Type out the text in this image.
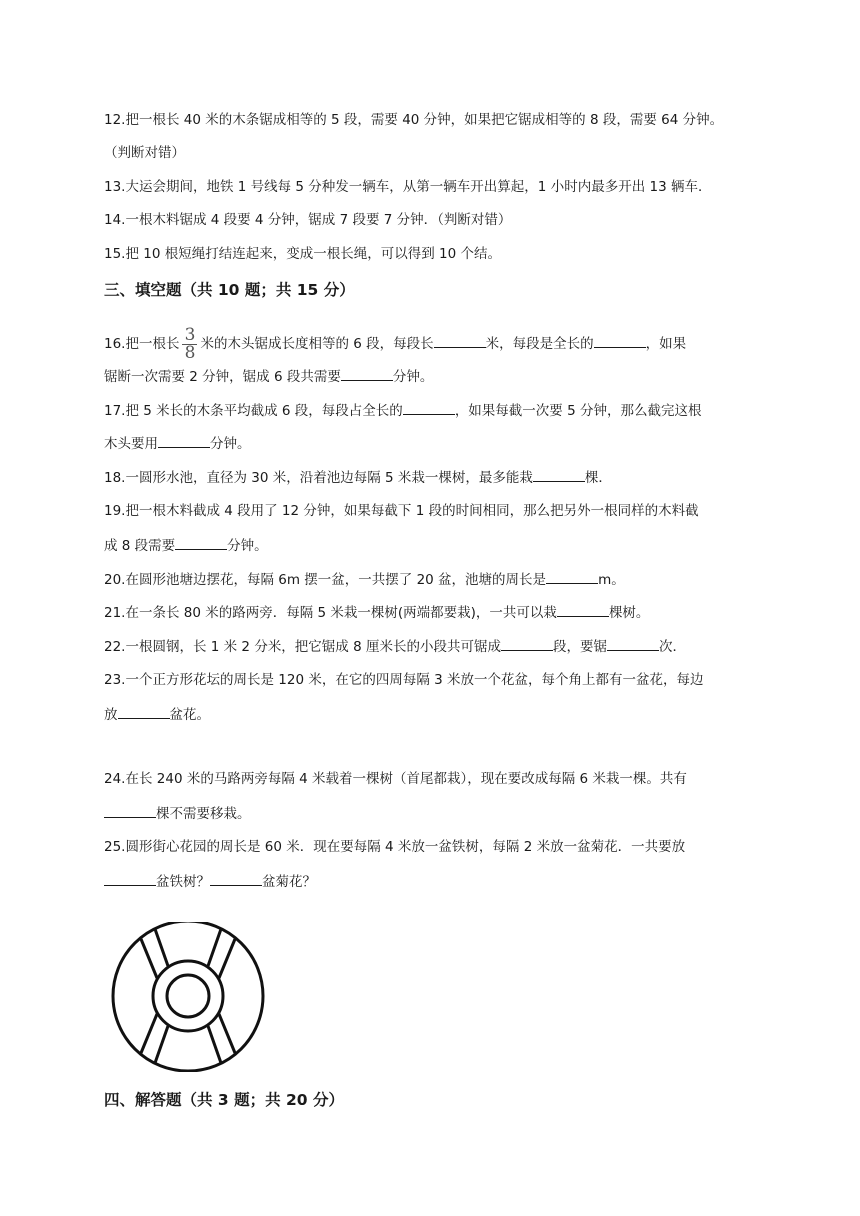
12.把一根长 40 米的木条锯成相等的 5 段，需要 40 分钟，如果把它锯成相等的 8 段，需要 64 分钟。
（判断对错）
13.大运会期间，地铁 1 号线每 5 分种发一辆车，从第一辆车开出算起，1 小时内最多开出 13 辆车．
14.一根木料锯成 4 段要 4 分钟，锯成 7 段要 7 分钟．（判断对错）
15.把 10 根短绳打结连起来，变成一根长绳，可以得到 10 个结。
三、填空题（共 10 题；共 15 分）
16.把一根长 $\frac{3}{8}$ 米的木头锯成长度相等的 6 段，每段长	米，每段是全长的	，如果
锯断一次需要 2 分钟，锯成 6 段共需要	分钟。
17.把 5 米长的木条平均截成 6 段，每段占全长的	，如果每截一次要 5 分钟，那么截完这根
木头要用	分钟。
18.一圆形水池，直径为 30 米，沿着池边每隔 5 米栽一棵树，最多能栽	棵．
19.把一根木料截成 4 段用了 12 分钟，如果每截下 1 段的时间相同，那么把另外一根同样的木料截
成 8 段需要	分钟。
20.在圆形池塘边摆花，每隔 6m 摆一盆，一共摆了 20 盆，池塘的周长是	m。
21.在一条长 80 米的路两旁．每隔 5 米栽一棵树(两端都要栽)，一共可以栽	棵树。
22.一根圆钢，长 1 米 2 分米，把它锯成 8 厘米长的小段共可锯成	段，要锯	次．
23.一个正方形花坛的周长是 120 米，在它的四周每隔 3 米放一个花盆，每个角上都有一盆花，每边
放	盆花。
24.在长 240 米的马路两旁每隔 4 米载着一棵树（首尾都栽），现在要改成每隔 6 米栽一棵。共有
棵不需要移栽。
25.圆形街心花园的周长是 60 米．现在要每隔 4 米放一盆铁树，每隔 2 米放一盆菊花．一共要放
盆铁树？	盆菊花？
四、解答题（共 3 题；共 20 分）
